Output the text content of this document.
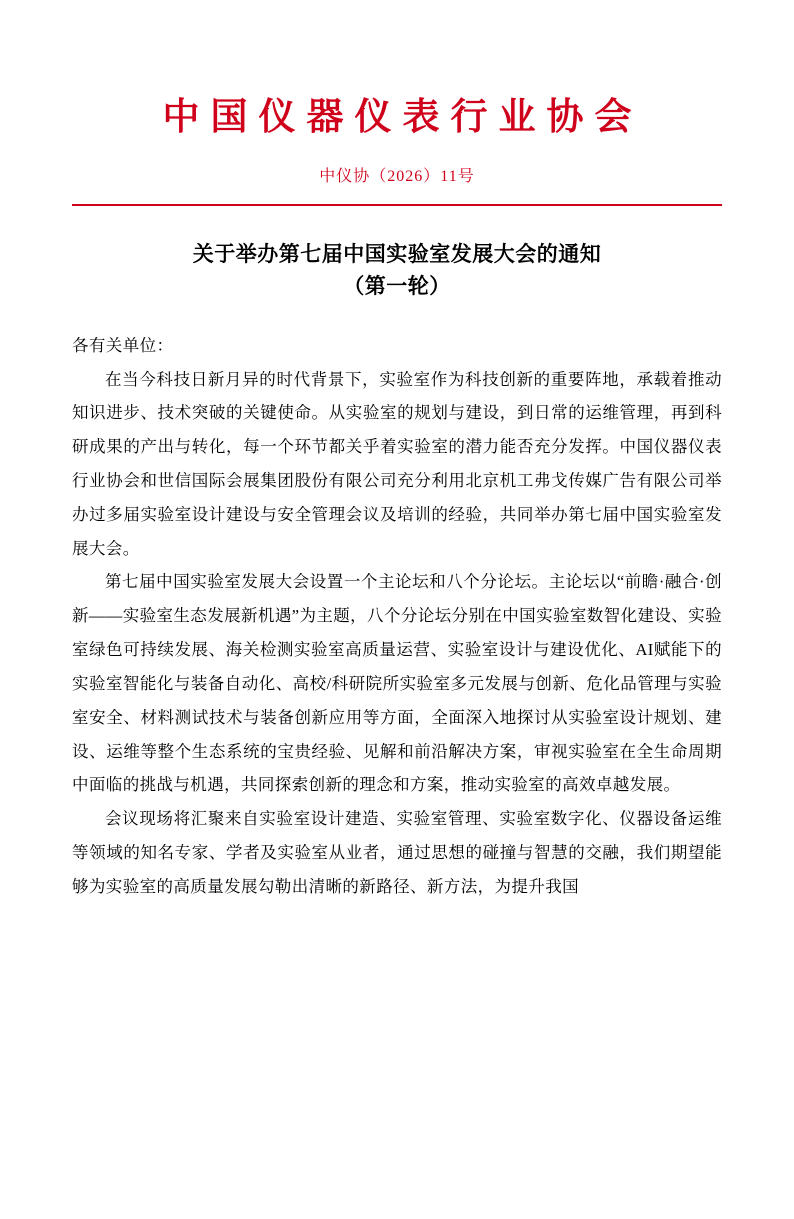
中国仪器仪表行业协会
中仪协（2026）11号
关于举办第七届中国实验室发展大会的通知
（第一轮）
各有关单位：

在当今科技日新月异的时代背景下，实验室作为科技创新的重要阵地，承载着推动知识进步、技术突破的关键使命。从实验室的规划与建设，到日常的运维管理，再到科研成果的产出与转化，每一个环节都关乎着实验室的潜力能否充分发挥。中国仪器仪表行业协会和世信国际会展集团股份有限公司充分利用北京机工弗戈传媒广告有限公司举办过多届实验室设计建设与安全管理会议及培训的经验，共同举办第七届中国实验室发展大会。

第七届中国实验室发展大会设置一个主论坛和八个分论坛。主论坛以“前瞻·融合·创新——实验室生态发展新机遇”为主题，八个分论坛分别在中国实验室数智化建设、实验室绿色可持续发展、海关检测实验室高质量运营、实验室设计与建设优化、AI赋能下的实验室智能化与装备自动化、高校/科研院所实验室多元发展与创新、危化品管理与实验室安全、材料测试技术与装备创新应用等方面，全面深入地探讨从实验室设计规划、建设、运维等整个生态系统的宝贵经验、见解和前沿解决方案，审视实验室在全生命周期中面临的挑战与机遇，共同探索创新的理念和方案，推动实验室的高效卓越发展。

会议现场将汇聚来自实验室设计建造、实验室管理、实验室数字化、仪器设备运维等领域的知名专家、学者及实验室从业者，通过思想的碰撞与智慧的交融，我们期望能够为实验室的高质量发展勾勒出清晰的新路径、新方法，为提升我国
